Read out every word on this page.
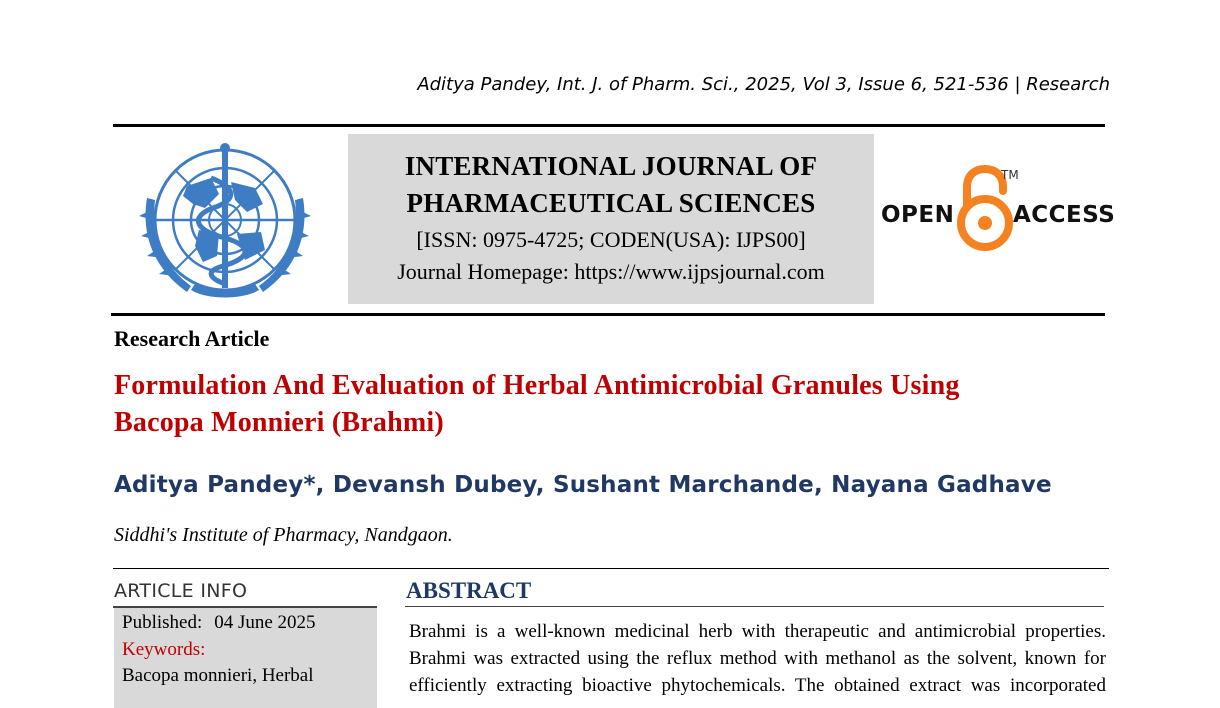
Aditya Pandey, Int. J. of Pharm. Sci., 2025, Vol 3, Issue 6, 521-536 | Research
INTERNATIONAL JOURNAL OF
PHARMACEUTICAL SCIENCES
[ISSN: 0975-4725; CODEN(USA): IJPS00]
Journal Homepage: https://www.ijpsjournal.com
OPEN
TM
ACCESS
Research Article
Formulation And Evaluation of Herbal Antimicrobial Granules Using
Bacopa Monnieri (Brahmi)
Aditya Pandey*, Devansh Dubey, Sushant Marchande, Nayana Gadhave
Siddhi's Institute of Pharmacy, Nandgaon.
ARTICLE INFO
Published: 04 June 2025
Keywords:
Bacopa monnieri, Herbal
ABSTRACT
Brahmi is a well-known medicinal herb with therapeutic and antimicrobial properties.
Brahmi was extracted using the reflux method with methanol as the solvent, known for
efficiently extracting bioactive phytochemicals. The obtained extract was incorporated
